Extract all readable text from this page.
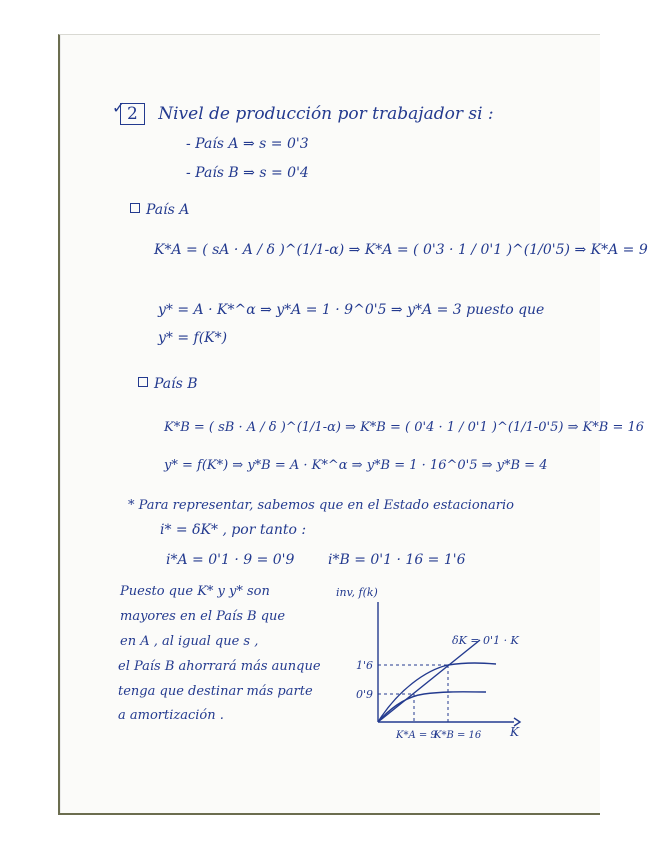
✓ 2 Nivel de producción por trabajador si :
- País A ⇒ s = 0'3
- País B ⇒ s = 0'4
País A
K*A = ( sA · A / δ )^(1/1-α) ⇒ K*A = ( 0'3 · 1 / 0'1 )^(1/0'5) ⇒ K*A = 9
y* = A · K*^α ⇒ y*A = 1 · 9^0'5 ⇒ y*A = 3 puesto que
y* = f(K*)
País B
K*B = ( sB · A / δ )^(1/1-α) ⇒ K*B = ( 0'4 · 1 / 0'1 )^(1/1-0'5) ⇒ K*B = 16
y* = f(K*) ⇒ y*B = A · K*^α ⇒ y*B = 1 · 16^0'5 ⇒ y*B = 4
* Para representar, sabemos que en el Estado estacionario
i* = δK* , por tanto :
i*A = 0'1 · 9 = 0'9 i*B = 0'1 · 16 = 1'6
Puesto que K* y y* son
mayores en el País B que
en A , al igual que s ,
el País B ahorrará más aunque
tenga que destinar más parte
a amortización .
inv, f(k)
K
δK = 0'1 · K
1'6
0'9
K*A = 9
K*B = 16
